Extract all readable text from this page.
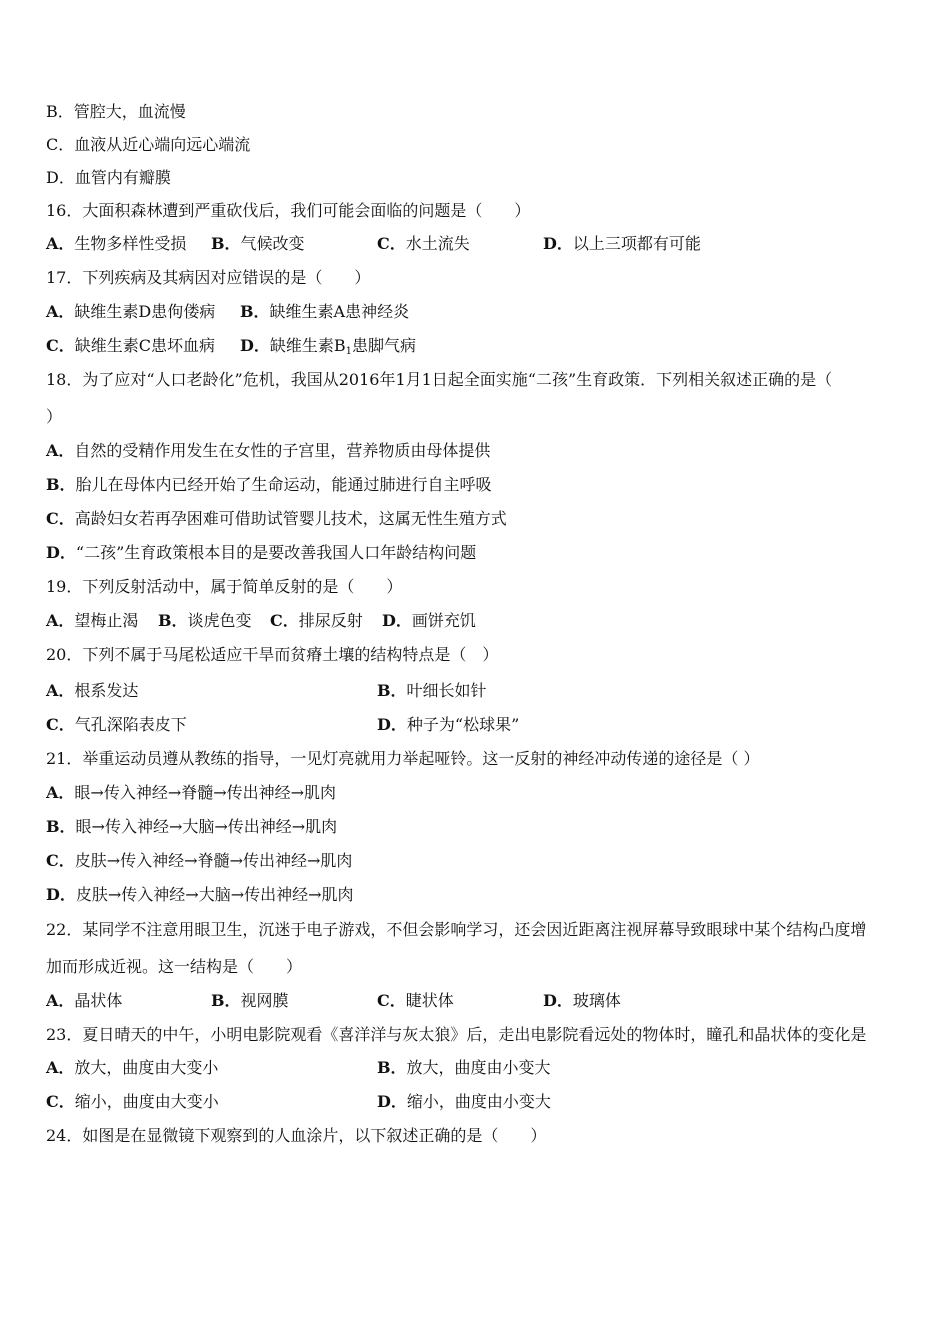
B．管腔大，血流慢
C．血液从近心端向远心端流
D．血管内有瓣膜
16．大面积森林遭到严重砍伐后，我们可能会面临的问题是（　　）
A．生物多样性受损 B．气候改变	C．水土流失	D．以上三项都有可能
17．下列疾病及其病因对应错误的是（　　）
A．缺维生素D患佝偻病 B．缺维生素A患神经炎
C．缺维生素C患坏血病 D．缺维生素$B_1$患脚气病
18．为了应对“人口老龄化”危机，我国从2016年1月1日起全面实施“二孩”生育政策．下列相关叙述正确的是（
）
A．自然的受精作用发生在女性的子宫里，营养物质由母体提供
B．胎儿在母体内已经开始了生命运动，能通过肺进行自主呼吸
C．高龄妇女若再孕困难可借助试管婴儿技术，这属无性生殖方式
D．“二孩”生育政策根本目的是要改善我国人口年龄结构问题
19．下列反射活动中，属于简单反射的是（　　）
A．望梅止渴 B．谈虎色变 C．排尿反射 D．画饼充饥
20．下列不属于马尾松适应干旱而贫瘠土壤的结构特点是（　）
A．根系发达	B．叶细长如针
C．气孔深陷表皮下	D．种子为“松球果”
21．举重运动员遵从教练的指导，一见灯亮就用力举起哑铃。这一反射的神经冲动传递的途径是（ ）
A．眼→传入神经→脊髓→传出神经→肌肉
B．眼→传入神经→大脑→传出神经→肌肉
C．皮肤→传入神经→脊髓→传出神经→肌肉
D．皮肤→传入神经→大脑→传出神经→肌肉
22．某同学不注意用眼卫生，沉迷于电子游戏，不但会影响学习，还会因近距离注视屏幕导致眼球中某个结构凸度增
加而形成近视。这一结构是（　　）
A．晶状体	B．视网膜	C．睫状体	D．玻璃体
23．夏日晴天的中午，小明电影院观看《喜洋洋与灰太狼》后，走出电影院看远处的物体时，瞳孔和晶状体的变化是
A．放大，曲度由大变小	B．放大，曲度由小变大
C．缩小，曲度由大变小	D．缩小，曲度由小变大
24．如图是在显微镜下观察到的人血涂片，以下叙述正确的是（　　）
